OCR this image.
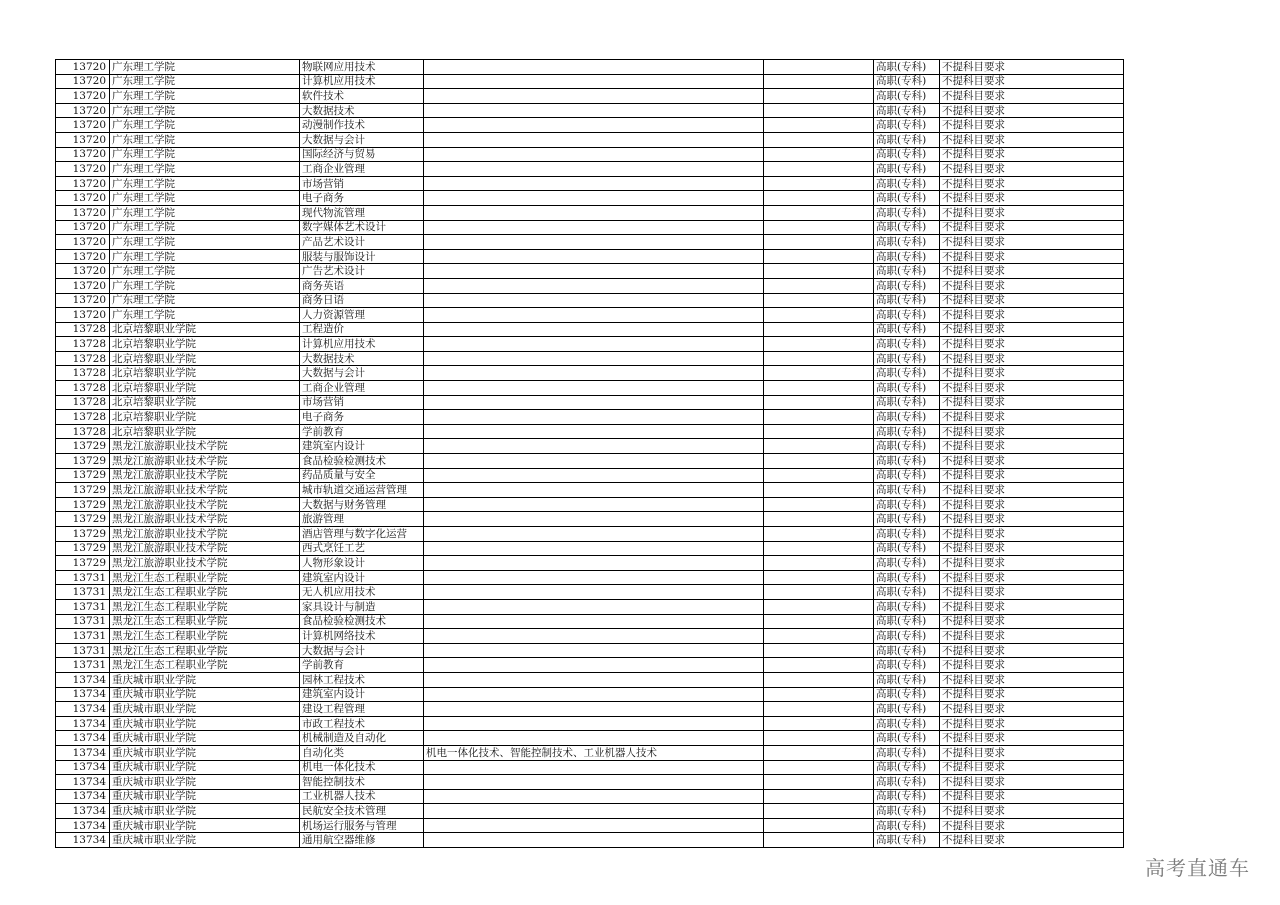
13720	广东理工学院	物联网应用技术			高职(专科)	不提科目要求
13720	广东理工学院	计算机应用技术			高职(专科)	不提科目要求
13720	广东理工学院	软件技术			高职(专科)	不提科目要求
13720	广东理工学院	大数据技术			高职(专科)	不提科目要求
13720	广东理工学院	动漫制作技术			高职(专科)	不提科目要求
13720	广东理工学院	大数据与会计			高职(专科)	不提科目要求
13720	广东理工学院	国际经济与贸易			高职(专科)	不提科目要求
13720	广东理工学院	工商企业管理			高职(专科)	不提科目要求
13720	广东理工学院	市场营销			高职(专科)	不提科目要求
13720	广东理工学院	电子商务			高职(专科)	不提科目要求
13720	广东理工学院	现代物流管理			高职(专科)	不提科目要求
13720	广东理工学院	数字媒体艺术设计			高职(专科)	不提科目要求
13720	广东理工学院	产品艺术设计			高职(专科)	不提科目要求
13720	广东理工学院	服装与服饰设计			高职(专科)	不提科目要求
13720	广东理工学院	广告艺术设计			高职(专科)	不提科目要求
13720	广东理工学院	商务英语			高职(专科)	不提科目要求
13720	广东理工学院	商务日语			高职(专科)	不提科目要求
13720	广东理工学院	人力资源管理			高职(专科)	不提科目要求
13728	北京培黎职业学院	工程造价			高职(专科)	不提科目要求
13728	北京培黎职业学院	计算机应用技术			高职(专科)	不提科目要求
13728	北京培黎职业学院	大数据技术			高职(专科)	不提科目要求
13728	北京培黎职业学院	大数据与会计			高职(专科)	不提科目要求
13728	北京培黎职业学院	工商企业管理			高职(专科)	不提科目要求
13728	北京培黎职业学院	市场营销			高职(专科)	不提科目要求
13728	北京培黎职业学院	电子商务			高职(专科)	不提科目要求
13728	北京培黎职业学院	学前教育			高职(专科)	不提科目要求
13729	黑龙江旅游职业技术学院	建筑室内设计			高职(专科)	不提科目要求
13729	黑龙江旅游职业技术学院	食品检验检测技术			高职(专科)	不提科目要求
13729	黑龙江旅游职业技术学院	药品质量与安全			高职(专科)	不提科目要求
13729	黑龙江旅游职业技术学院	城市轨道交通运营管理			高职(专科)	不提科目要求
13729	黑龙江旅游职业技术学院	大数据与财务管理			高职(专科)	不提科目要求
13729	黑龙江旅游职业技术学院	旅游管理			高职(专科)	不提科目要求
13729	黑龙江旅游职业技术学院	酒店管理与数字化运营			高职(专科)	不提科目要求
13729	黑龙江旅游职业技术学院	西式烹饪工艺			高职(专科)	不提科目要求
13729	黑龙江旅游职业技术学院	人物形象设计			高职(专科)	不提科目要求
13731	黑龙江生态工程职业学院	建筑室内设计			高职(专科)	不提科目要求
13731	黑龙江生态工程职业学院	无人机应用技术			高职(专科)	不提科目要求
13731	黑龙江生态工程职业学院	家具设计与制造			高职(专科)	不提科目要求
13731	黑龙江生态工程职业学院	食品检验检测技术			高职(专科)	不提科目要求
13731	黑龙江生态工程职业学院	计算机网络技术			高职(专科)	不提科目要求
13731	黑龙江生态工程职业学院	大数据与会计			高职(专科)	不提科目要求
13731	黑龙江生态工程职业学院	学前教育			高职(专科)	不提科目要求
13734	重庆城市职业学院	园林工程技术			高职(专科)	不提科目要求
13734	重庆城市职业学院	建筑室内设计			高职(专科)	不提科目要求
13734	重庆城市职业学院	建设工程管理			高职(专科)	不提科目要求
13734	重庆城市职业学院	市政工程技术			高职(专科)	不提科目要求
13734	重庆城市职业学院	机械制造及自动化			高职(专科)	不提科目要求
13734	重庆城市职业学院	自动化类	机电一体化技术、智能控制技术、工业机器人技术		高职(专科)	不提科目要求
13734	重庆城市职业学院	机电一体化技术			高职(专科)	不提科目要求
13734	重庆城市职业学院	智能控制技术			高职(专科)	不提科目要求
13734	重庆城市职业学院	工业机器人技术			高职(专科)	不提科目要求
13734	重庆城市职业学院	民航安全技术管理			高职(专科)	不提科目要求
13734	重庆城市职业学院	机场运行服务与管理			高职(专科)	不提科目要求
13734	重庆城市职业学院	通用航空器维修			高职(专科)	不提科目要求
高考直通车
